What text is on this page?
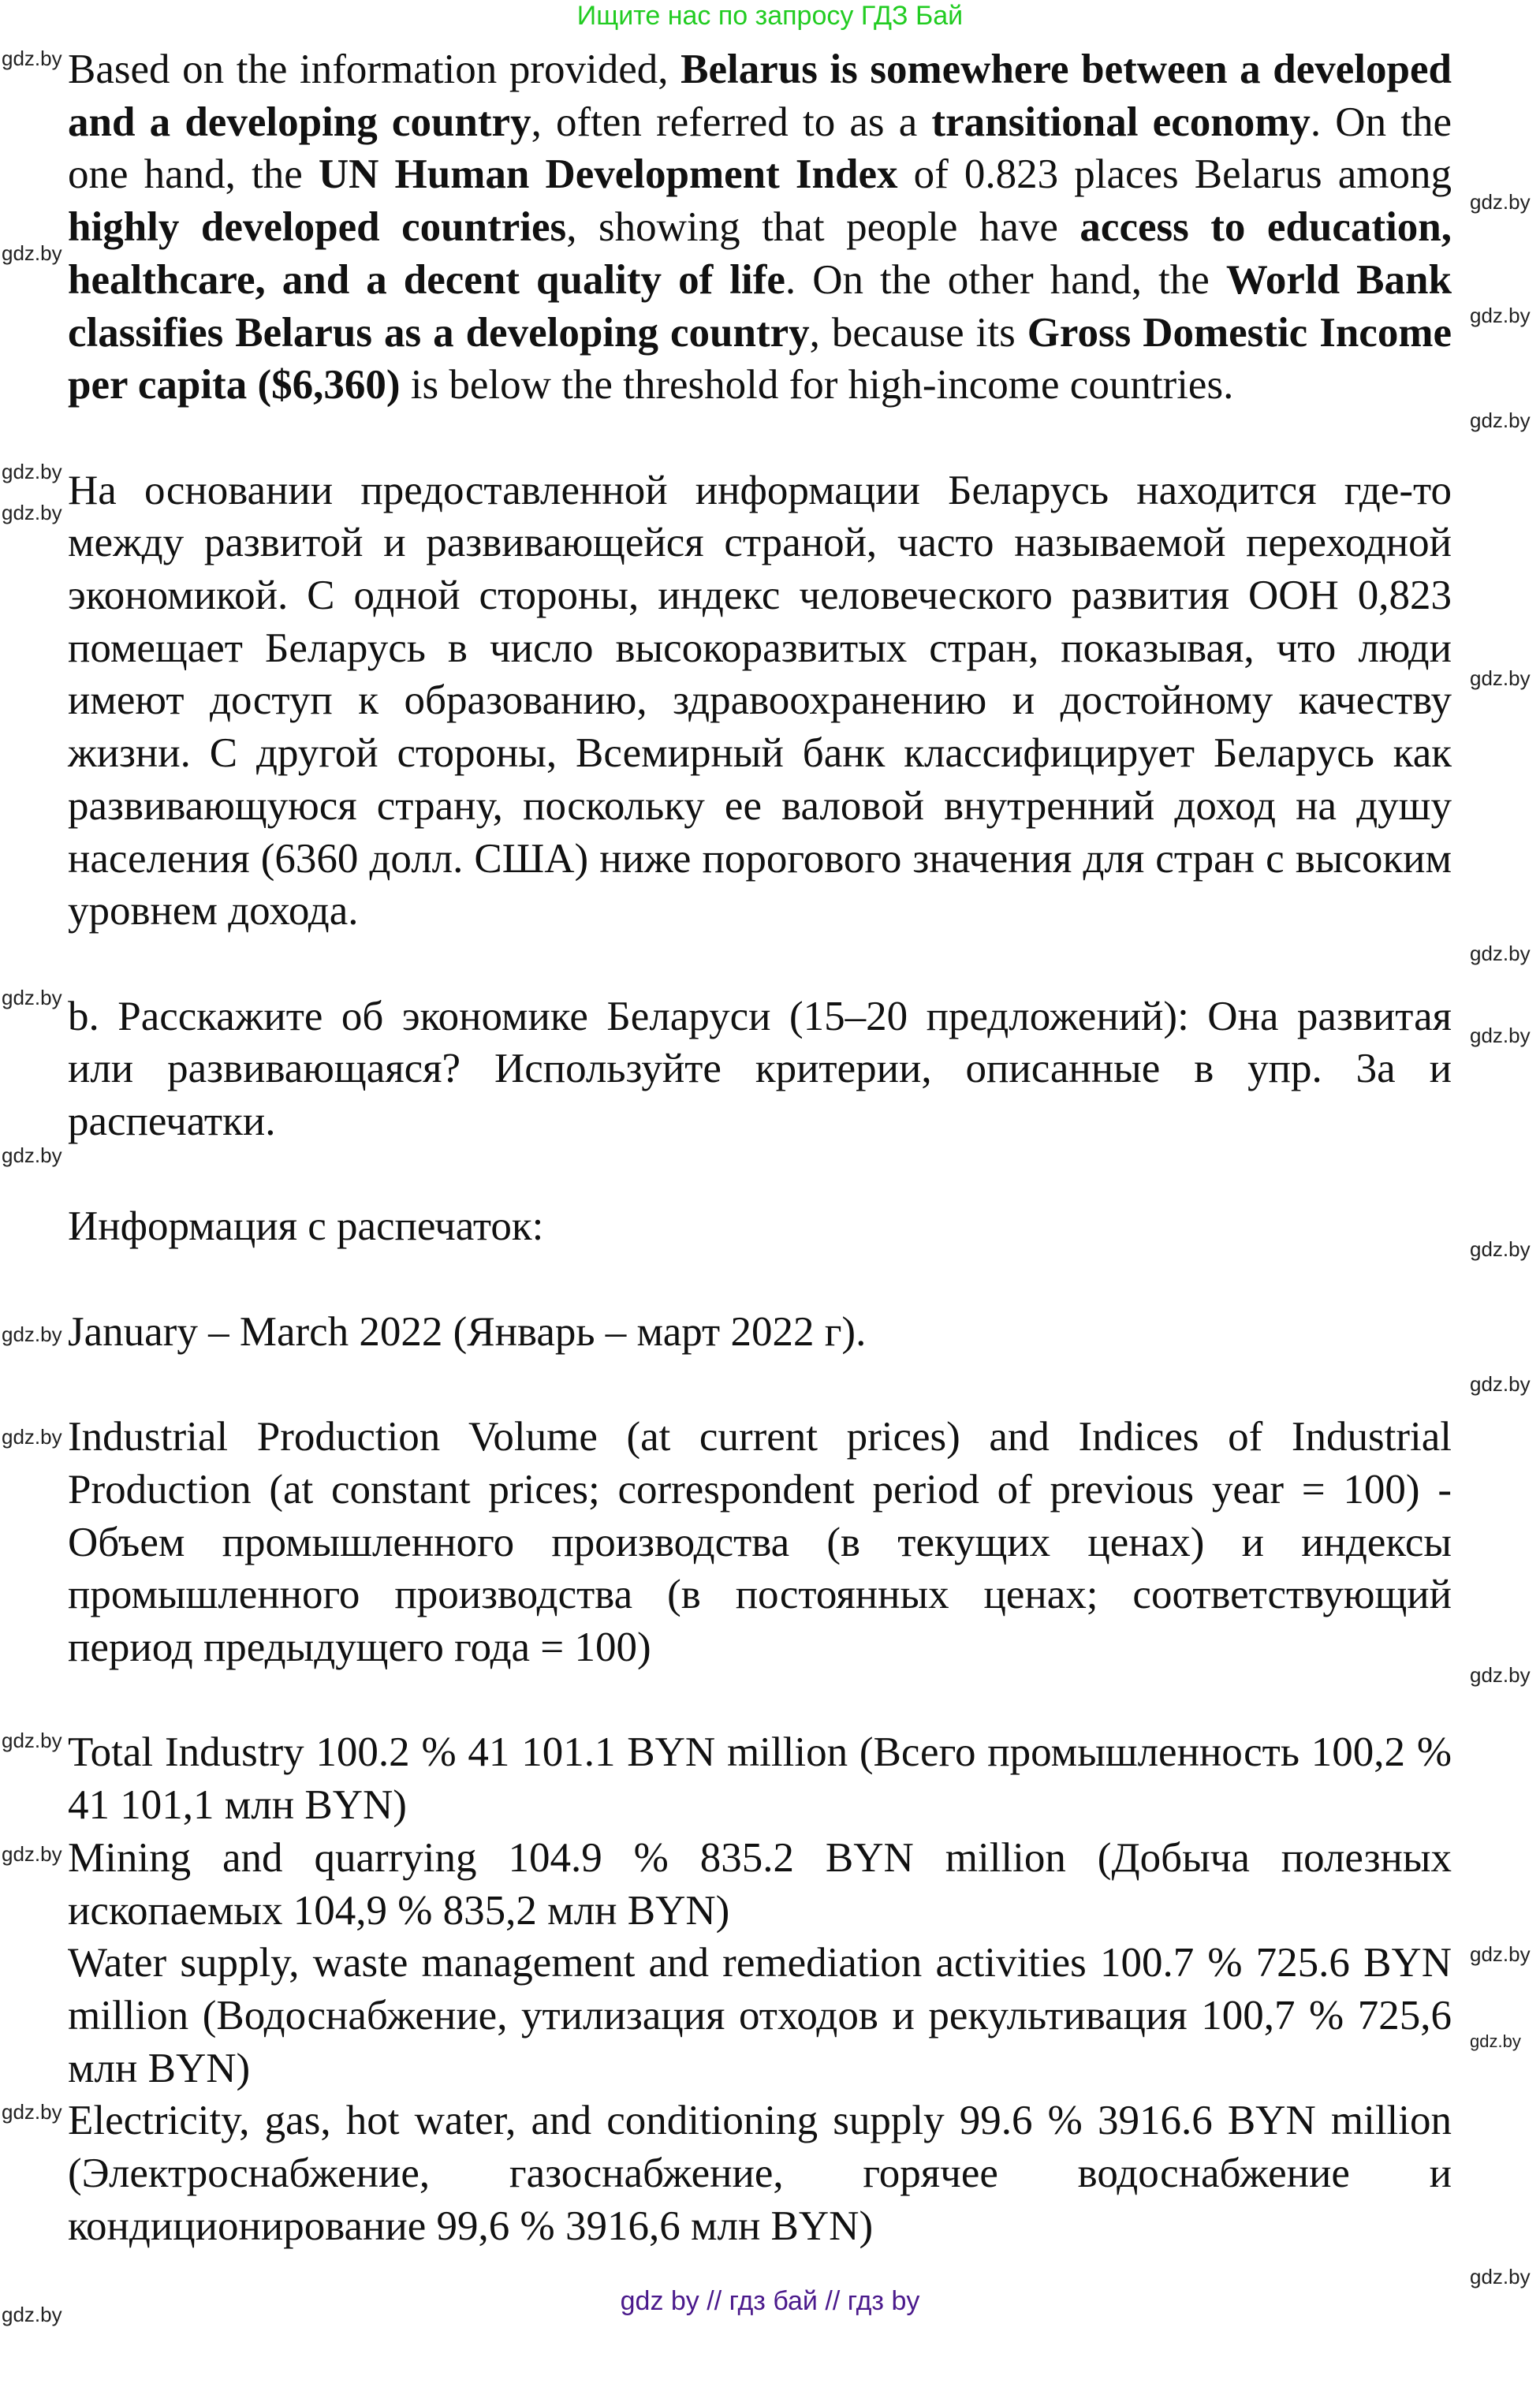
Ищите нас по запросу ГДЗ Бай

Based on the information provided, Belarus is somewhere between a developed and a developing country, often referred to as a transitional economy. On the one hand, the UN Human Development Index of 0.823 places Belarus among highly developed countries, showing that people have access to education, healthcare, and a decent quality of life. On the other hand, the World Bank classifies Belarus as a developing country, because its Gross Domestic Income per capita ($6,360) is below the threshold for high-income countries.

На основании предоставленной информации Беларусь находится где-то между развитой и развивающейся страной, часто называемой переходной экономикой. С одной стороны, индекс человеческого развития ООН 0,823 помещает Беларусь в число высокоразвитых стран, показывая, что люди имеют доступ к образованию, здравоохранению и достойному качеству жизни. С другой стороны, Всемирный банк классифицирует Беларусь как развивающуюся страну, поскольку ее валовой внутренний доход на душу населения (6360 долл. США) ниже порогового значения для стран с высоким уровнем дохода.

b. Расскажите об экономике Беларуси (15–20 предложений): Она развитая или развивающаяся? Используйте критерии, описанные в упр. 3а и распечатки.

Информация с распечаток:

January – March 2022 (Январь – март 2022 г).

Industrial Production Volume (at current prices) and Indices of Industrial Production (at constant prices; correspondent period of previous year = 100) - Объем промышленного производства (в текущих ценах) и индексы промышленного производства (в постоянных ценах; соответствующий период предыдущего года = 100)

Total Industry 100.2 % 41 101.1 BYN million (Всего промышленность 100,2 % 41 101,1 млн BYN)

Mining and quarrying 104.9 % 835.2 BYN million (Добыча полезных ископаемых 104,9 % 835,2 млн BYN)

Water supply, waste management and remediation activities 100.7 % 725.6 BYN million (Водоснабжение, утилизация отходов и рекультивация 100,7 % 725,6 млн BYN)

Electricity, gas, hot water, and conditioning supply 99.6 % 3916.6 BYN million (Электроснабжение, газоснабжение, горячее водоснабжение и кондиционирование 99,6 % 3916,6 млн BYN)

gdz by // гдз бай // гдз by
gdz.by
gdz.by
gdz.by
gdz.by
gdz.by
gdz.by
gdz.by
gdz.by
gdz.by
gdz.by
gdz.by
gdz.by
gdz.by
gdz.by
gdz.by
gdz.by
gdz.by
gdz.by
gdz.by
gdz.by
gdz.by
gdz.by
gdz.by
gdz.by
